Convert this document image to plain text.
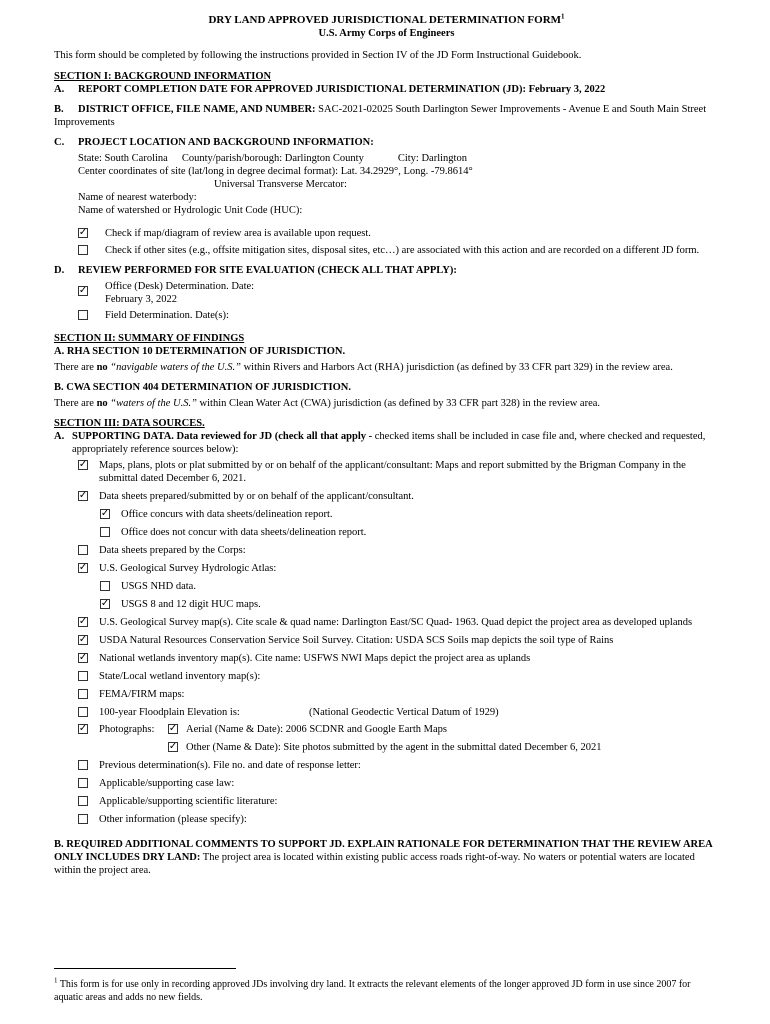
DRY LAND APPROVED JURISDICTIONAL DETERMINATION FORM$^1$
U.S. Army Corps of Engineers
This form should be completed by following the instructions provided in Section IV of the JD Form Instructional Guidebook.
SECTION I: BACKGROUND INFORMATION
A.	REPORT COMPLETION DATE FOR APPROVED JURISDICTIONAL DETERMINATION (JD): February 3, 2022
B. DISTRICT OFFICE, FILE NAME, AND NUMBER: SAC-2021-02025 South Darlington Sewer Improvements - Avenue E and South Main Street Improvements
C.	PROJECT LOCATION AND BACKGROUND INFORMATION:
State: South Carolina County/parish/borough: Darlington County	City: Darlington
Center coordinates of site (lat/long in degree decimal format): Lat. 34.2929°, Long. -79.8614°
Universal Transverse Mercator:
Name of nearest waterbody:
Name of watershed or Hydrologic Unit Code (HUC):
✓	Check if map/diagram of review area is available upon request.
Check if other sites (e.g., offsite mitigation sites, disposal sites, etc…) are associated with this action and are recorded on a different JD form.
D.	REVIEW PERFORMED FOR SITE EVALUATION (CHECK ALL THAT APPLY):
✓ Office (Desk) Determination. Date:
February 3, 2022
Field Determination. Date(s):
SECTION II: SUMMARY OF FINDINGS
A. RHA SECTION 10 DETERMINATION OF JURISDICTION.
There are no “navigable waters of the U.S.” within Rivers and Harbors Act (RHA) jurisdiction (as defined by 33 CFR part 329) in the review area.
B. CWA SECTION 404 DETERMINATION OF JURISDICTION.
There are no “waters of the U.S.” within Clean Water Act (CWA) jurisdiction (as defined by 33 CFR part 328) in the review area.
SECTION III: DATA SOURCES.
A. SUPPORTING DATA. Data reviewed for JD (check all that apply - checked items shall be included in case file and, where checked and requested, appropriately reference sources below):
✓ Maps, plans, plots or plat submitted by or on behalf of the applicant/consultant: Maps and report submitted by the Brigman Company in the submittal dated December 6, 2021.
✓ Data sheets prepared/submitted by or on behalf of the applicant/consultant.
✓ Office concurs with data sheets/delineation report.
Office does not concur with data sheets/delineation report.
Data sheets prepared by the Corps:
✓ U.S. Geological Survey Hydrologic Atlas:
USGS NHD data.
✓ USGS 8 and 12 digit HUC maps.
✓ U.S. Geological Survey map(s). Cite scale & quad name: Darlington East/SC Quad- 1963. Quad depict the project area as developed uplands
✓ USDA Natural Resources Conservation Service Soil Survey. Citation: USDA SCS Soils map depicts the soil type of Rains
✓ National wetlands inventory map(s). Cite name: USFWS NWI Maps depict the project area as uplands
State/Local wetland inventory map(s):
FEMA/FIRM maps:
100-year Floodplain Elevation is:	(National Geodectic Vertical Datum of 1929)
✓ Photographs:	✓ Aerial (Name & Date): 2006 SCDNR and Google Earth Maps
✓ Other (Name & Date): Site photos submitted by the agent in the submittal dated December 6, 2021
Previous determination(s). File no. and date of response letter:
Applicable/supporting case law:
Applicable/supporting scientific literature:
Other information (please specify):
B. REQUIRED ADDITIONAL COMMENTS TO SUPPORT JD. EXPLAIN RATIONALE FOR DETERMINATION THAT THE REVIEW AREA ONLY INCLUDES DRY LAND: The project area is located within existing public access roads right-of-way. No waters or potential waters are located within the project area.
$^1$ This form is for use only in recording approved JDs involving dry land. It extracts the relevant elements of the longer approved JD form in use since 2007 for aquatic areas and adds no new fields.
